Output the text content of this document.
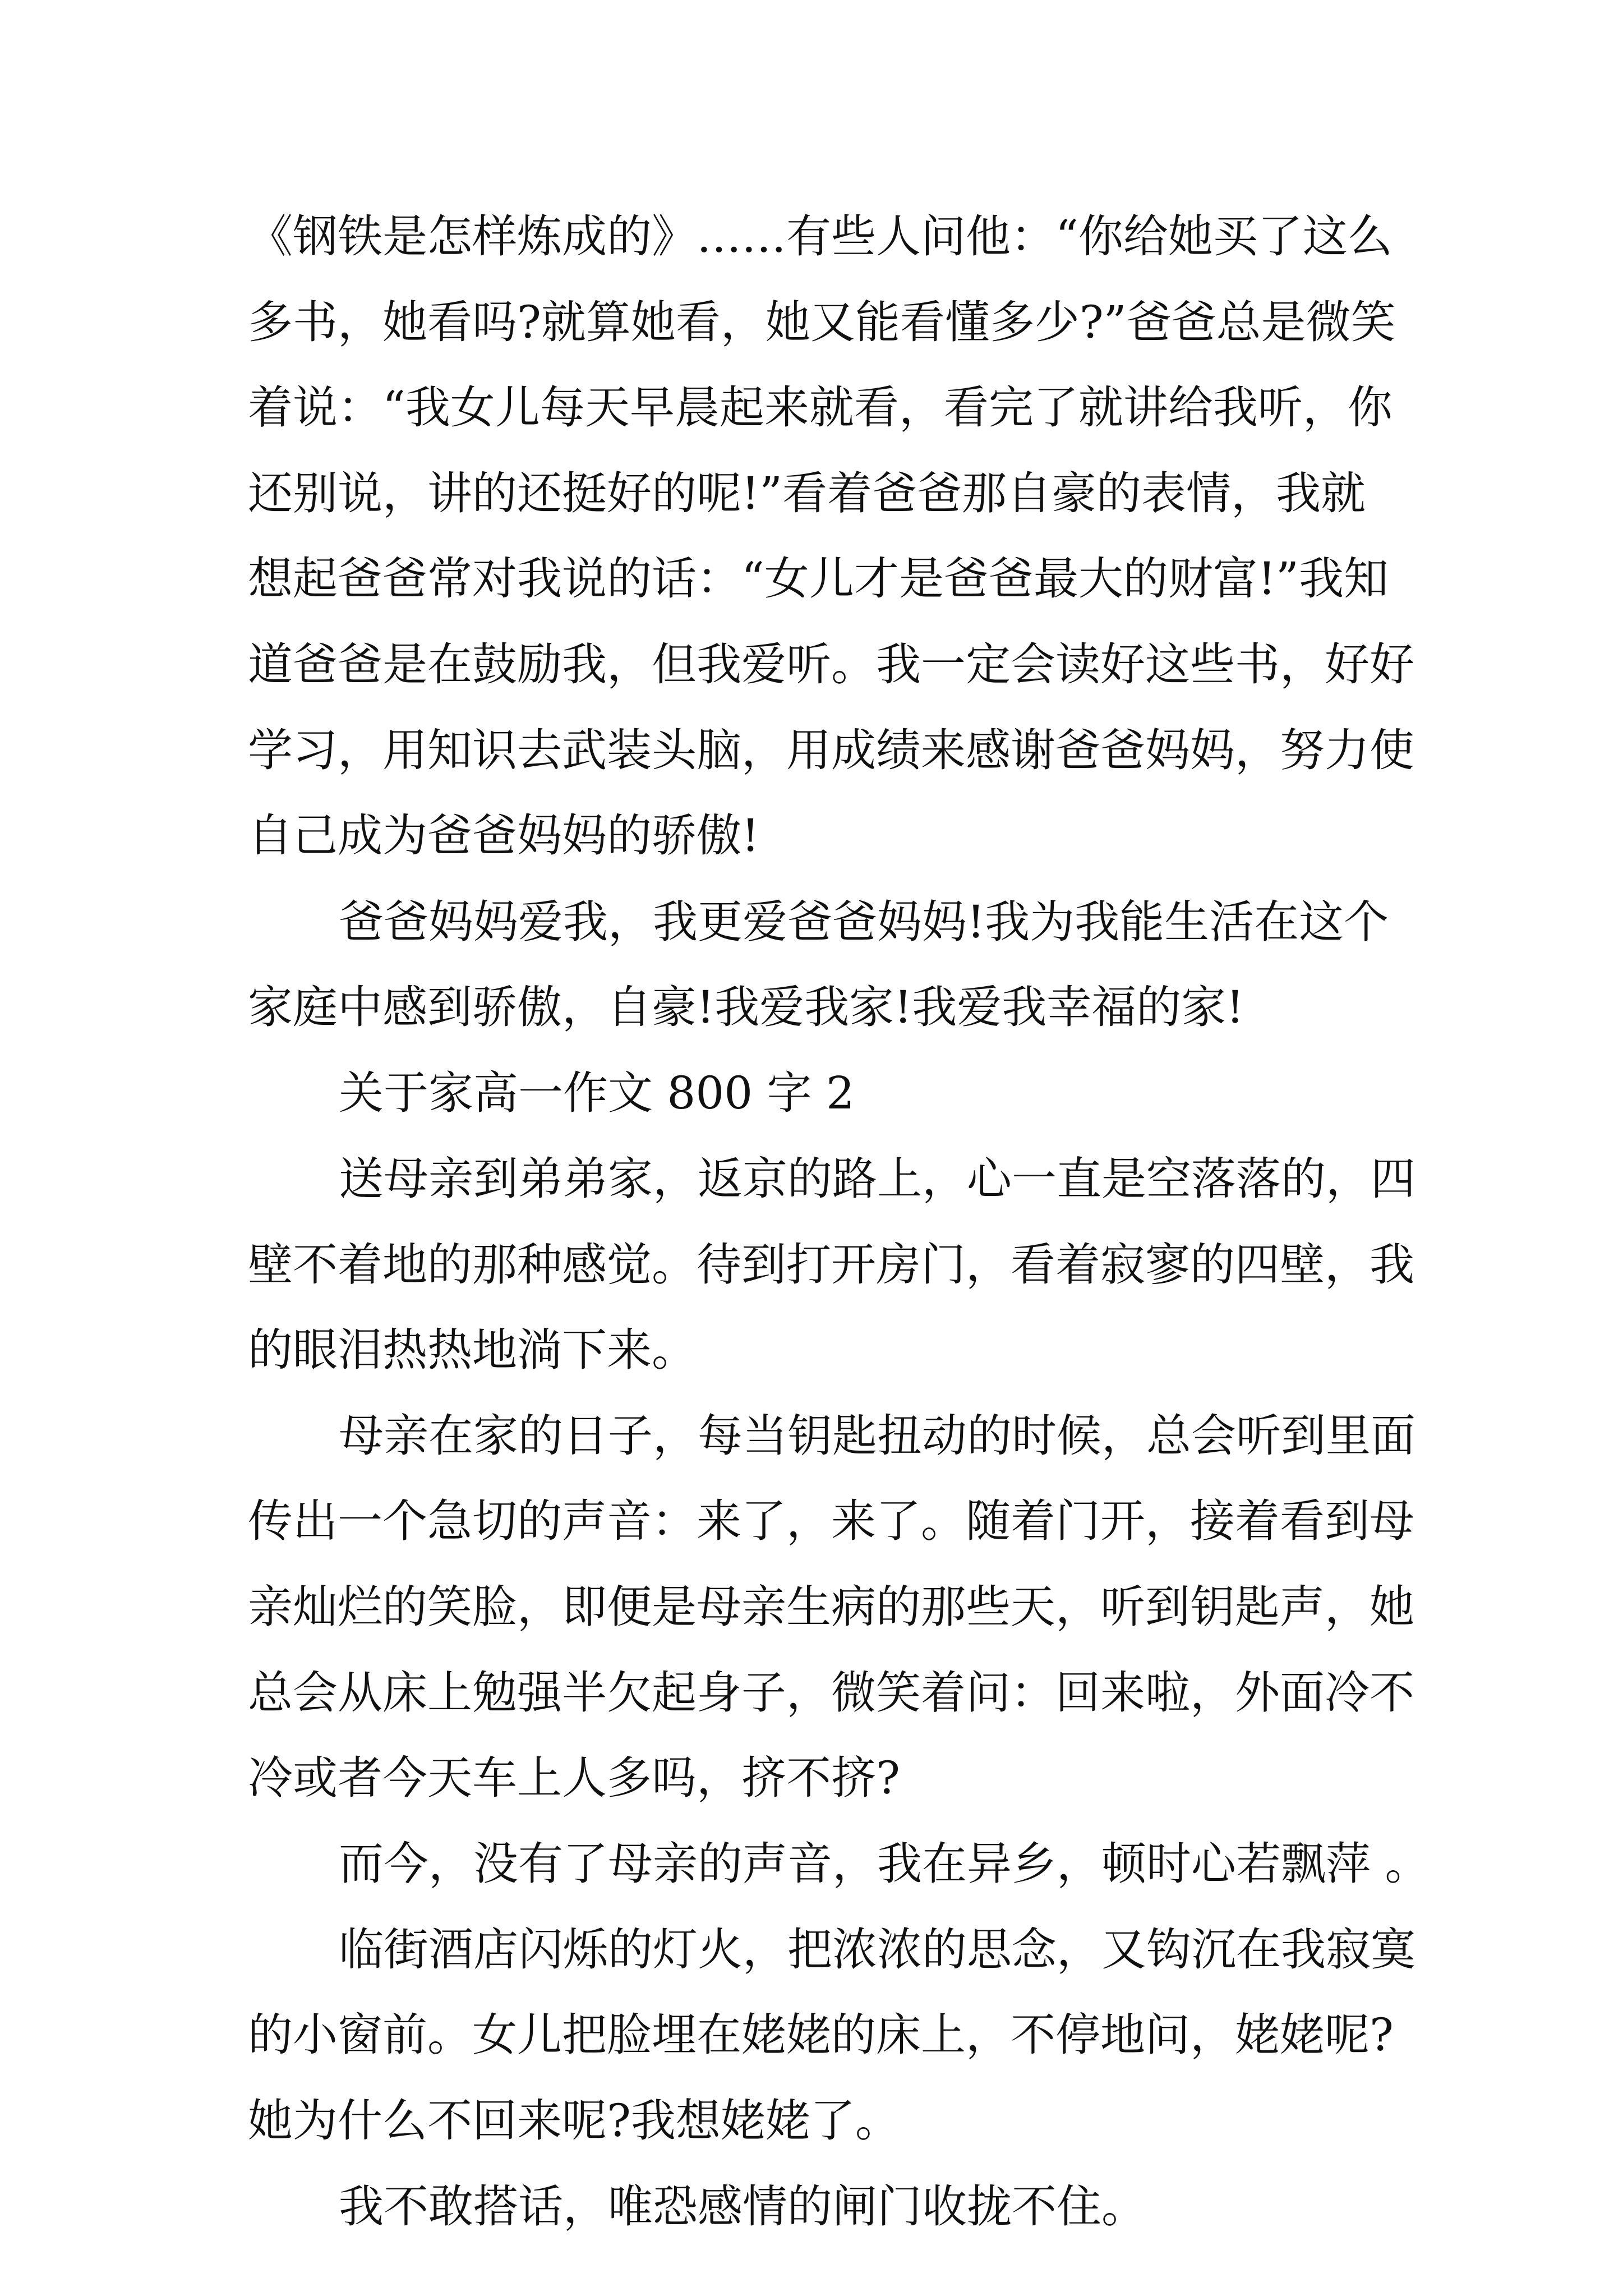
《钢铁是怎样炼成的》……有些人问他：“你给她买了这么

多书，她看吗?就算她看，她又能看懂多少?”爸爸总是微笑

着说：“我女儿每天早晨起来就看，看完了就讲给我听，你

还别说，讲的还挺好的呢!”看着爸爸那自豪的表情，我就

想起爸爸常对我说的话：“女儿才是爸爸最大的财富!”我知

道爸爸是在鼓励我，但我爱听。我一定会读好这些书，好好

学习，用知识去武装头脑，用成绩来感谢爸爸妈妈，努力使

自己成为爸爸妈妈的骄傲!

爸爸妈妈爱我，我更爱爸爸妈妈!我为我能生活在这个

家庭中感到骄傲，自豪!我爱我家!我爱我幸福的家!

关于家高一作文 800 字 2

送母亲到弟弟家，返京的路上，心一直是空落落的，四

壁不着地的那种感觉。待到打开房门，看着寂寥的四壁，我

的眼泪热热地淌下来。

母亲在家的日子，每当钥匙扭动的时候，总会听到里面

传出一个急切的声音：来了，来了。随着门开，接着看到母

亲灿烂的笑脸，即便是母亲生病的那些天，听到钥匙声，她

总会从床上勉强半欠起身子，微笑着问：回来啦，外面冷不

冷或者今天车上人多吗，挤不挤?

而今，没有了母亲的声音，我在异乡，顿时心若飘萍 。

临街酒店闪烁的灯火，把浓浓的思念，又钩沉在我寂寞

的小窗前。女儿把脸埋在姥姥的床上，不停地问，姥姥呢?

她为什么不回来呢?我想姥姥了。

我不敢搭话，唯恐感情的闸门收拢不住。
